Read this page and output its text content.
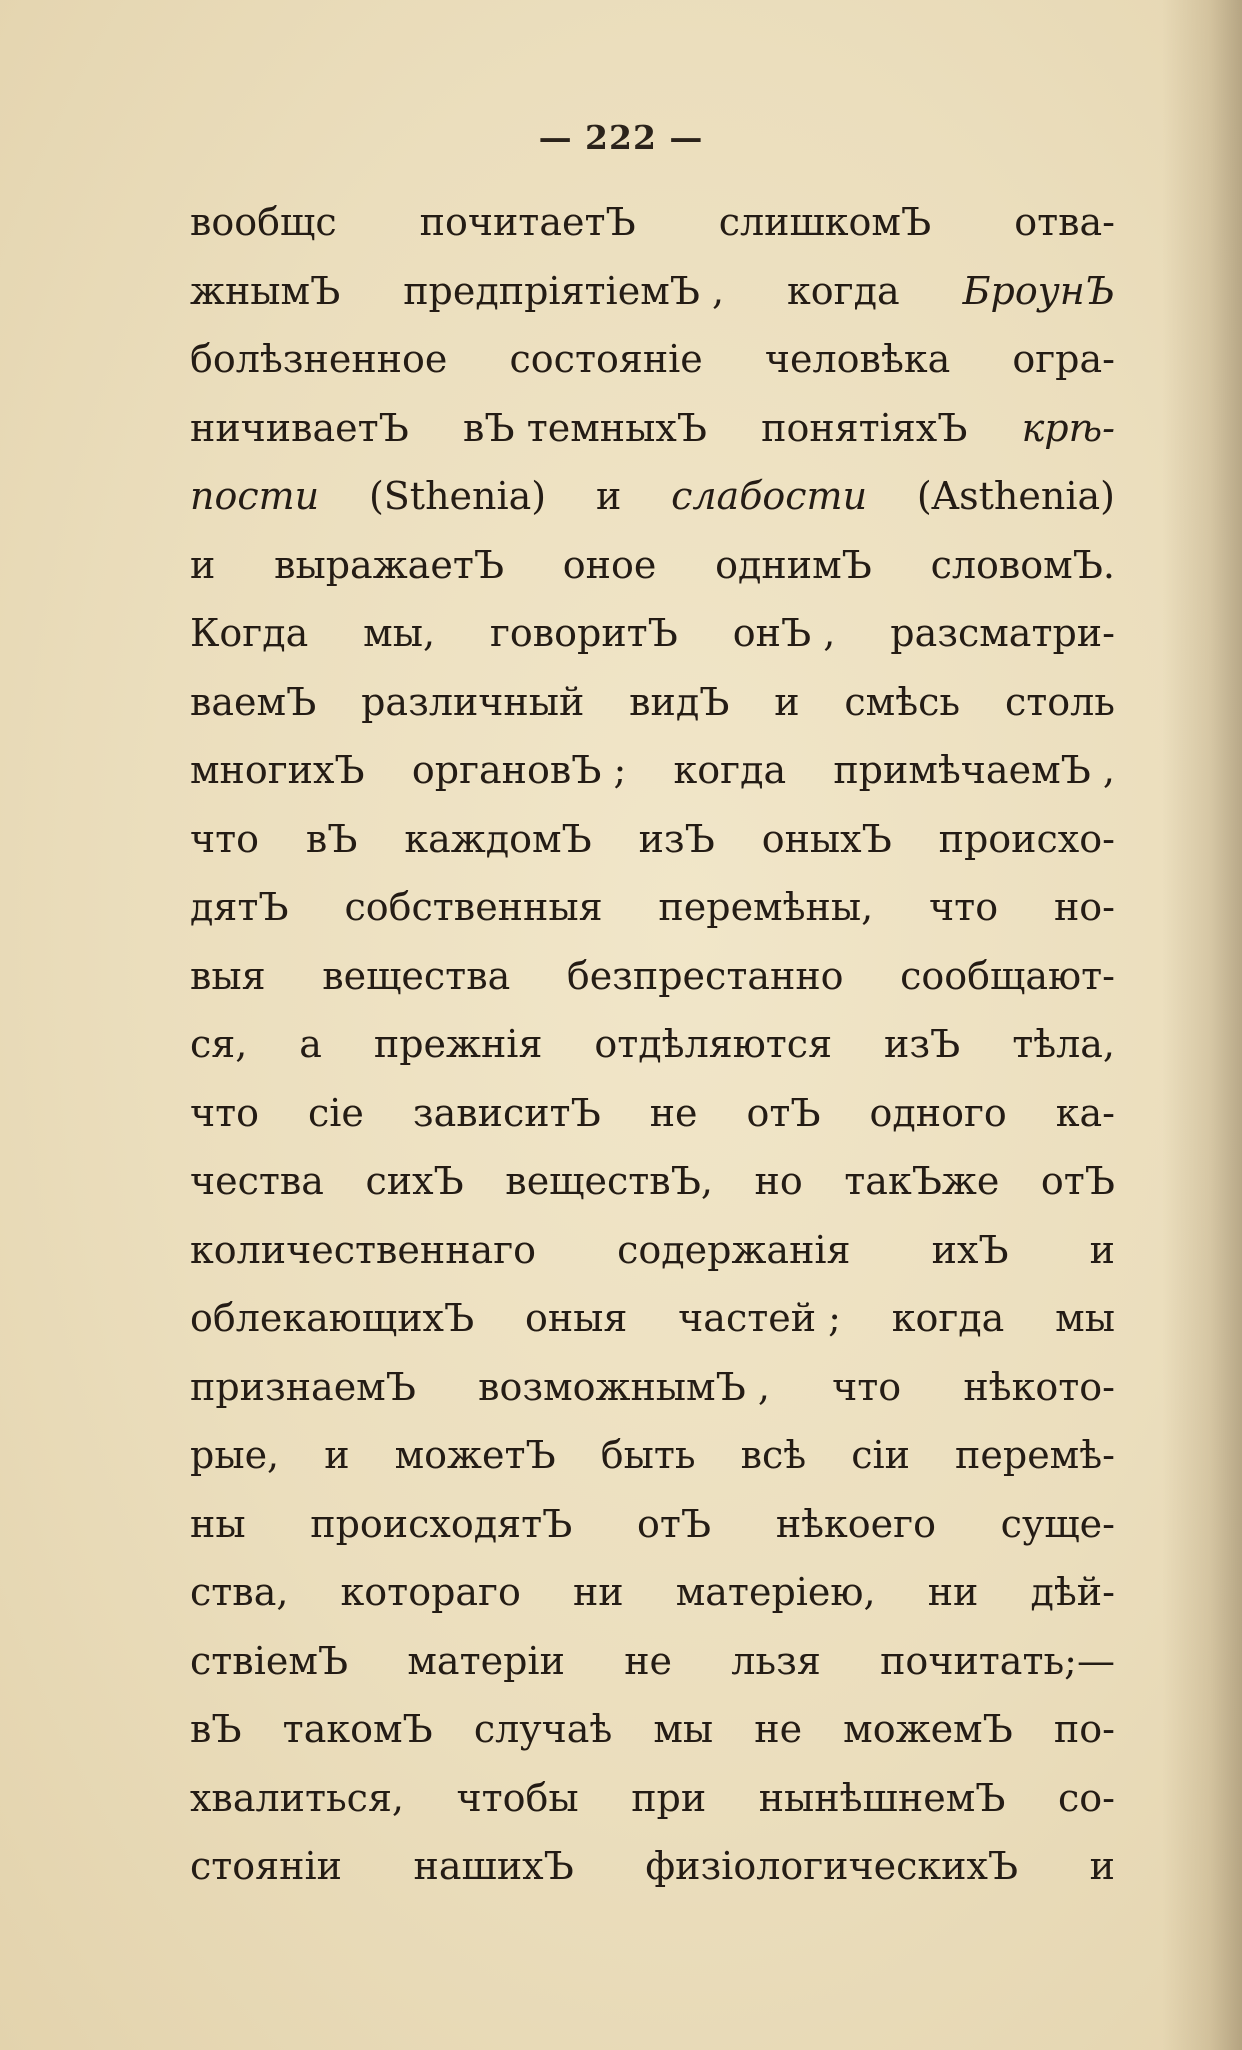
— 222 —
вообщс почитаетЪ слишкомЪ отва-
жнымЪ предпріятіемЪ , когда БроунЪ
болѣзненное состояніе человѣка огра-
ничиваетЪ вЪ темныхЪ понятіяхЪ крѣ-
пости (Sthenia) и слабости (Asthenia)
и выражаетЪ оное однимЪ словомЪ.
Когда мы, говоритЪ онЪ , разсматри-
ваемЪ различный видЪ и смѣсь столь
многихЪ органовЪ ; когда примѣчаемЪ ,
что вЪ каждомЪ изЪ оныхЪ происхо-
дятЪ собственныя перемѣны, что но-
выя вещества безпрестанно сообщают-
ся, а прежнія отдѣляются изЪ тѣла,
что сіе зависитЪ не отЪ одного ка-
чества сихЪ веществЪ, но такЪже отЪ
количественнаго содержанія ихЪ и
облекающихЪ оныя частей ; когда мы
признаемЪ возможнымЪ , что нѣкото-
рые, и можетЪ быть всѣ сіи перемѣ-
ны происходятЪ отЪ нѣкоего суще-
ства, котораго ни матеріею, ни дѣй-
ствіемЪ матеріи не льзя почитать;—
вЪ такомЪ случаѣ мы не можемЪ по-
хвалиться, чтобы при нынѣшнемЪ со-
стояніи нашихЪ физіологическихЪ и
